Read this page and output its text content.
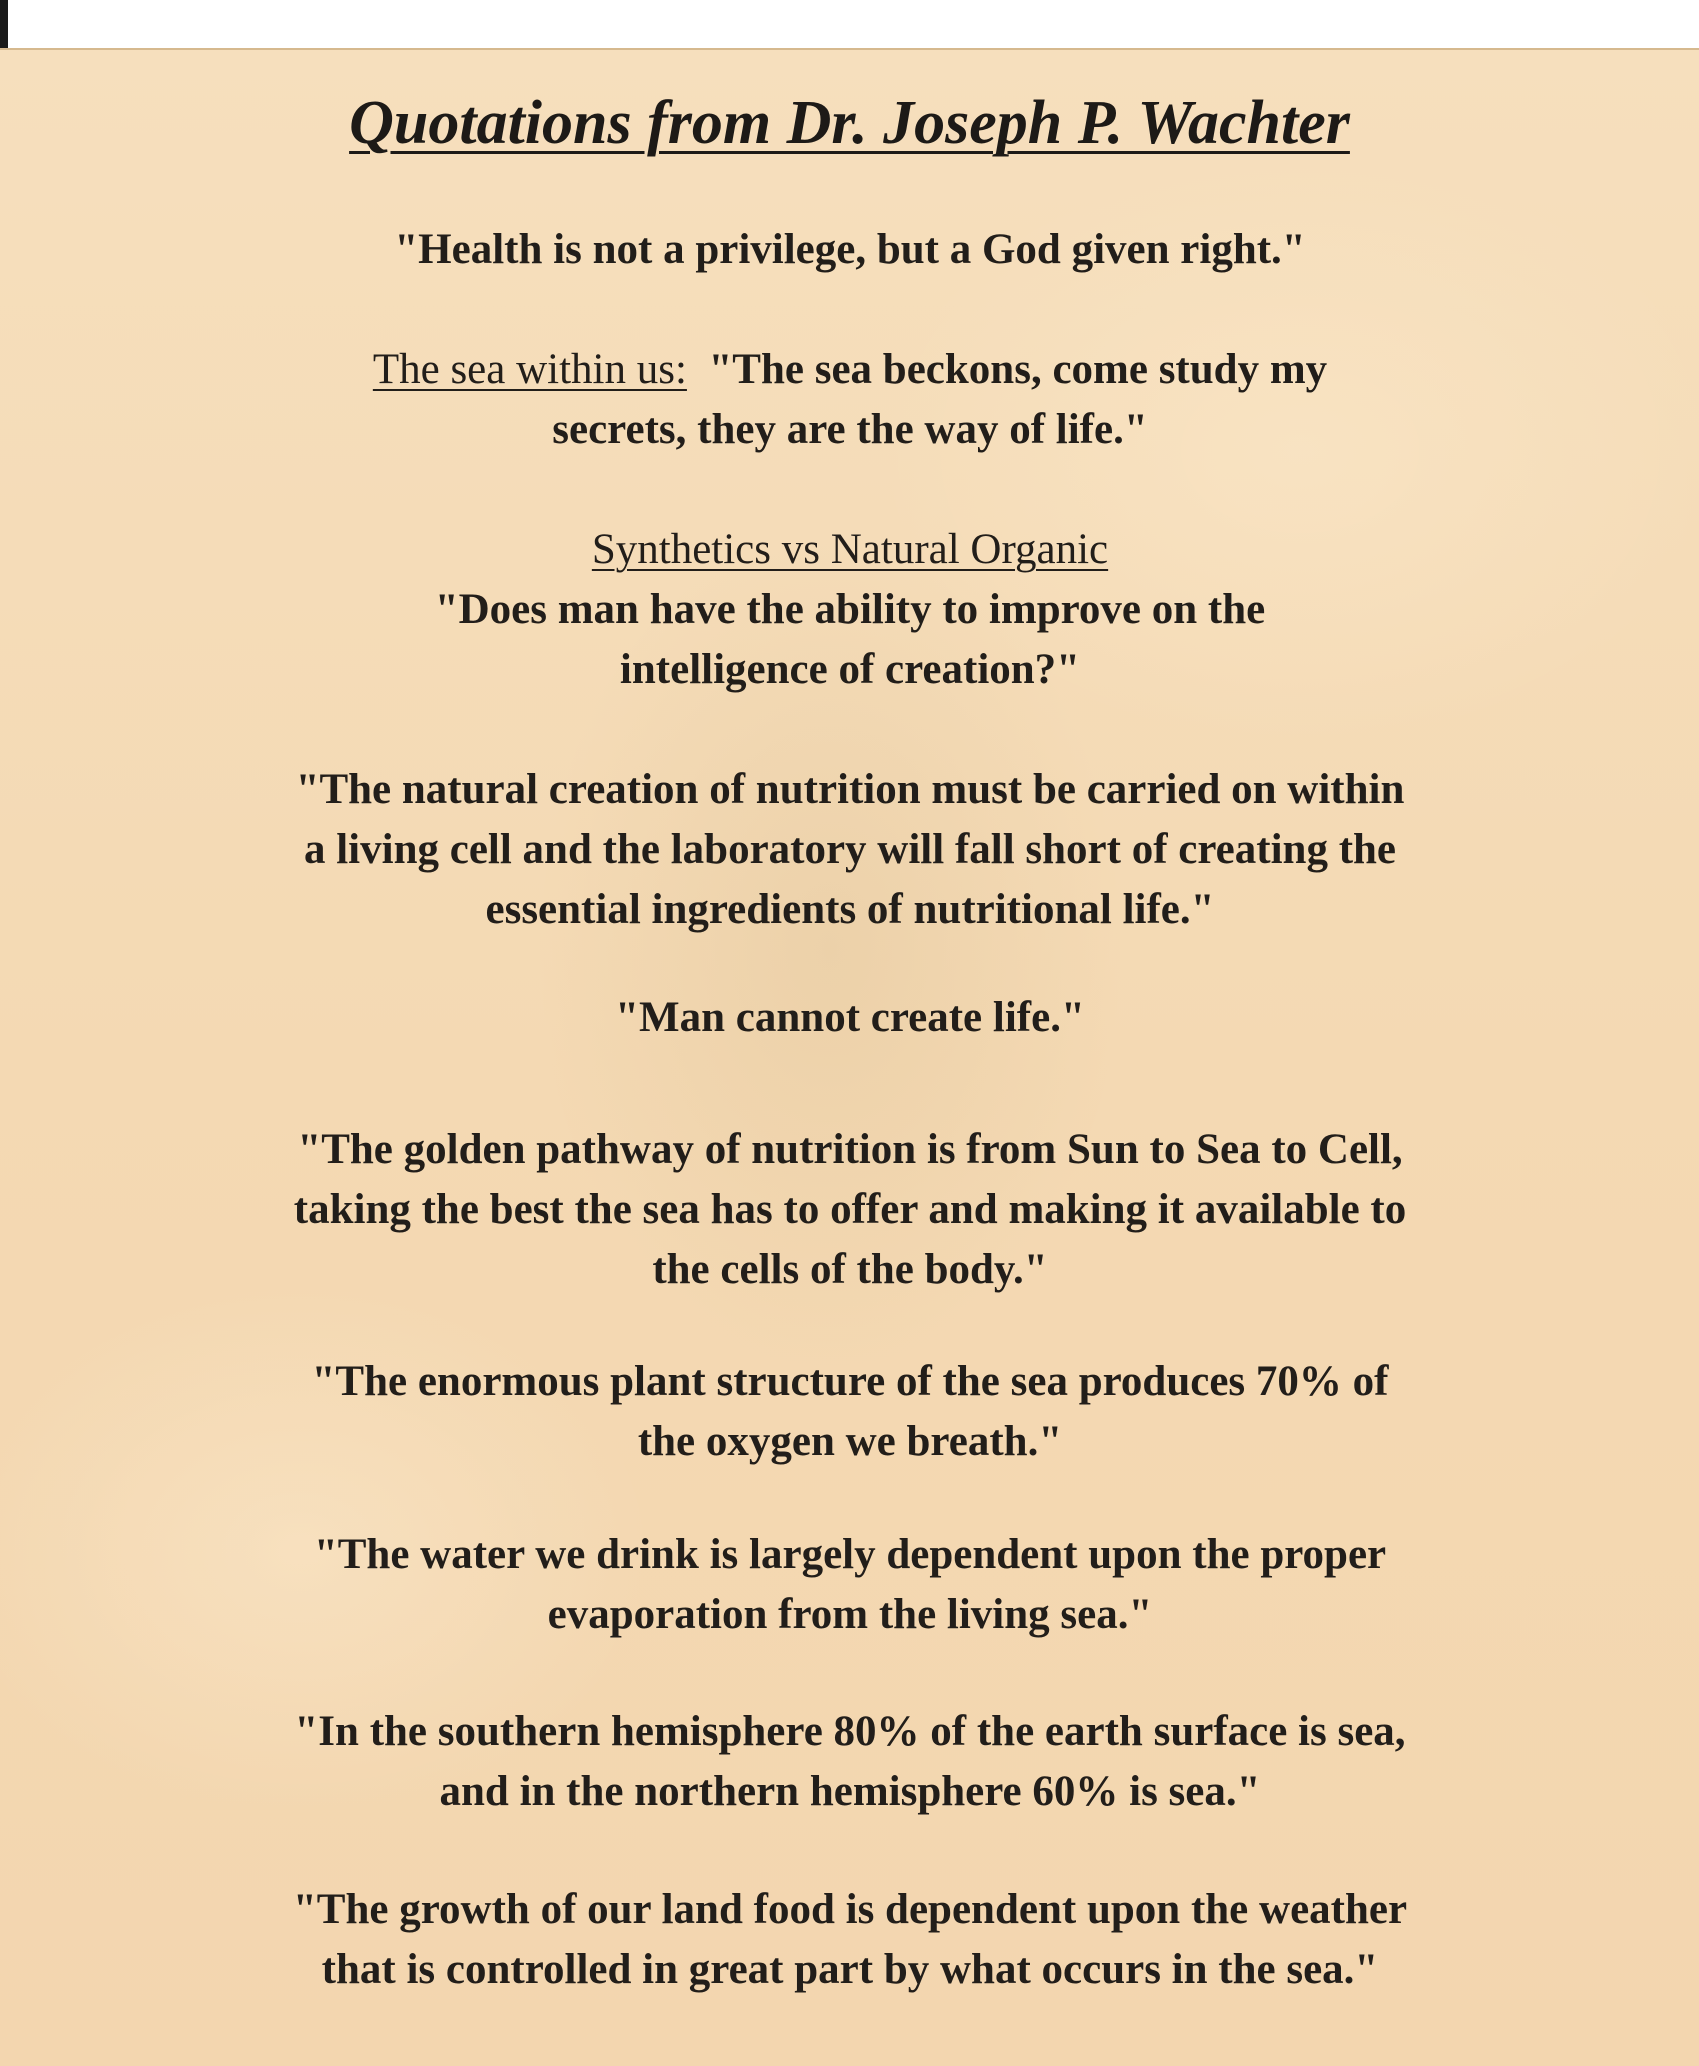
Quotations from Dr. Joseph P. Wachter

"Health is not a privilege, but a God given right."

The sea within us: "The sea beckons, come study my
secrets, they are the way of life."

Synthetics vs Natural Organic
"Does man have the ability to improve on the
intelligence of creation?"

"The natural creation of nutrition must be carried on within
a living cell and the laboratory will fall short of creating the
essential ingredients of nutritional life."

"Man cannot create life."

"The golden pathway of nutrition is from Sun to Sea to Cell,
taking the best the sea has to offer and making it available to
the cells of the body."

"The enormous plant structure of the sea produces 70% of
the oxygen we breath."

"The water we drink is largely dependent upon the proper
evaporation from the living sea."

"In the southern hemisphere 80% of the earth surface is sea,
and in the northern hemisphere 60% is sea."

"The growth of our land food is dependent upon the weather
that is controlled in great part by what occurs in the sea."
